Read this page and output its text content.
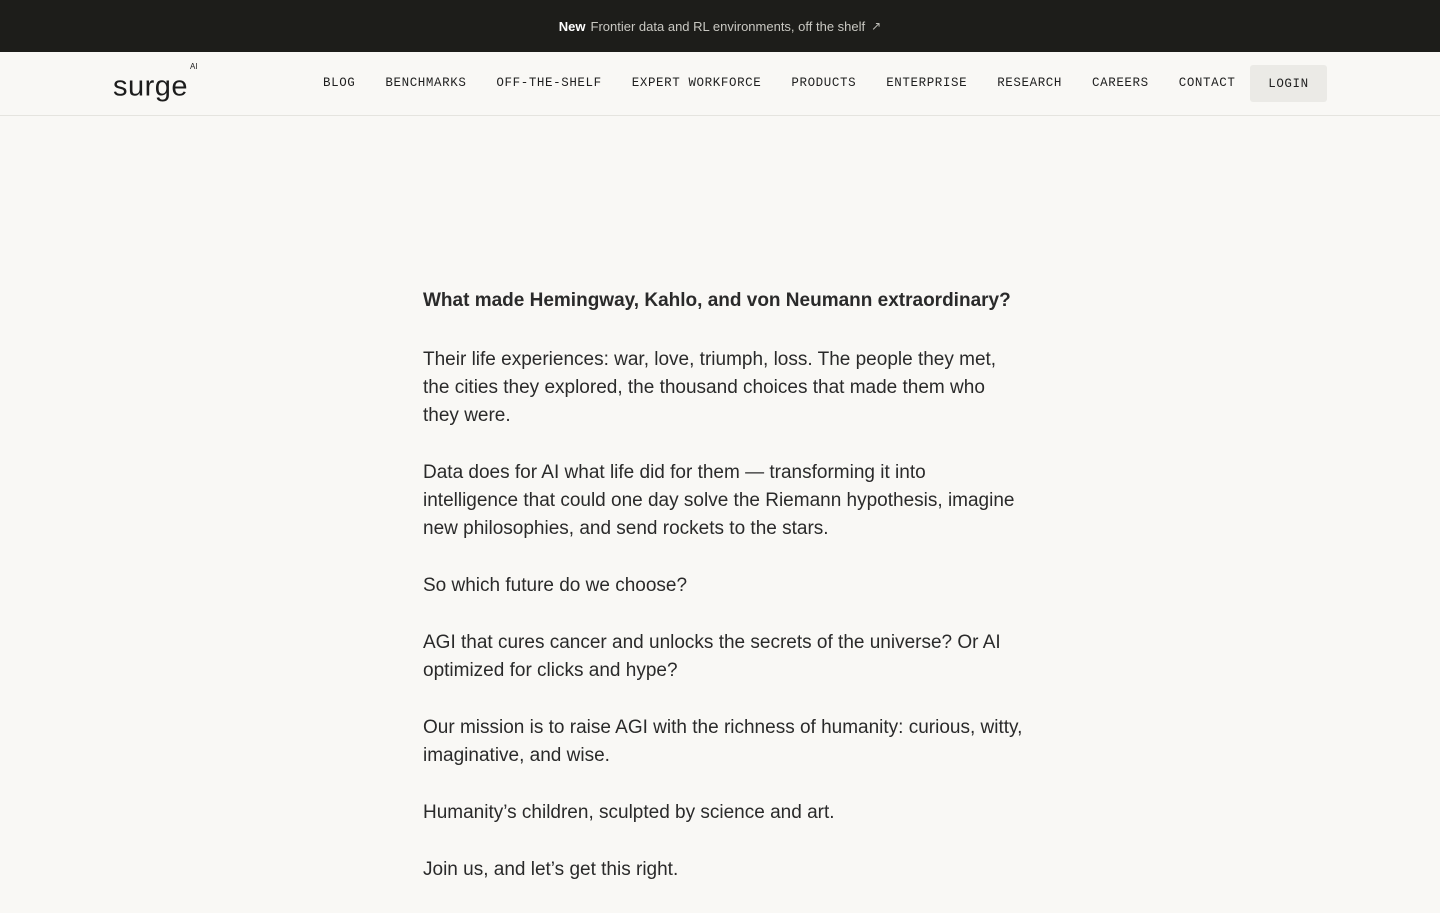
New Frontier data and RL environments, off the shelf ↗
surge$^{AI}$
BLOG BENCHMARKS OFF-THE-SHELF EXPERT WORKFORCE PRODUCTS ENTERPRISE RESEARCH CAREERS CONTACT	LOGIN

What made Hemingway, Kahlo, and von Neumann extraordinary?

Their life experiences: war, love, triumph, loss. The people they met, the cities they explored, the thousand choices that made them who they were.

Data does for AI what life did for them — transforming it into intelligence that could one day solve the Riemann hypothesis, imagine new philosophies, and send rockets to the stars.

So which future do we choose?

AGI that cures cancer and unlocks the secrets of the universe? Or AI optimized for clicks and hype?

Our mission is to raise AGI with the richness of humanity: curious, witty, imaginative, and wise.

Humanity’s children, sculpted by science and art.

Join us, and let’s get this right.
